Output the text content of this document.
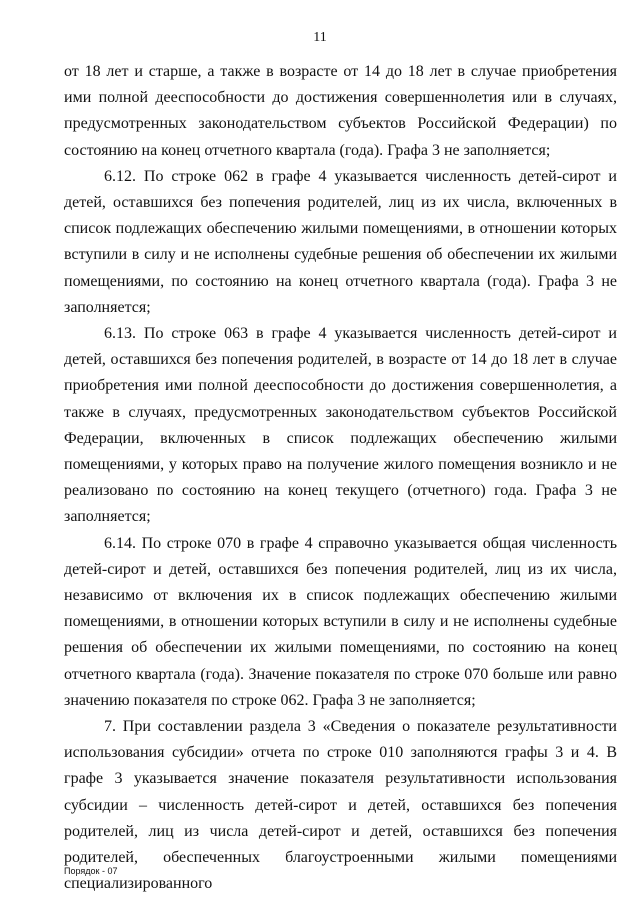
11

от 18 лет и старше, а также в возрасте от 14 до 18 лет в случае приобретения ими полной дееспособности до достижения совершеннолетия или в случаях, предусмотренных законодательством субъектов Российской Федерации) по состоянию на конец отчетного квартала (года). Графа 3 не заполняется;

6.12. По строке 062 в графе 4 указывается численность детей-сирот и детей, оставшихся без попечения родителей, лиц из их числа, включенных в список подлежащих обеспечению жилыми помещениями, в отношении которых вступили в силу и не исполнены судебные решения об обеспечении их жилыми помещениями, по состоянию на конец отчетного квартала (года). Графа 3 не заполняется;

6.13. По строке 063 в графе 4 указывается численность детей-сирот и детей, оставшихся без попечения родителей, в возрасте от 14 до 18 лет в случае приобретения ими полной дееспособности до достижения совершеннолетия, а также в случаях, предусмотренных законодательством субъектов Российской Федерации, включенных в список подлежащих обеспечению жилыми помещениями, у которых право на получение жилого помещения возникло и не реализовано по состоянию на конец текущего (отчетного) года. Графа 3 не заполняется;

6.14. По строке 070 в графе 4 справочно указывается общая численность детей-сирот и детей, оставшихся без попечения родителей, лиц из их числа, независимо от включения их в список подлежащих обеспечению жилыми помещениями, в отношении которых вступили в силу и не исполнены судебные решения об обеспечении их жилыми помещениями, по состоянию на конец отчетного квартала (года). Значение показателя по строке 070 больше или равно значению показателя по строке 062. Графа 3 не заполняется;

7. При составлении раздела 3 «Сведения о показателе результативности использования субсидии» отчета по строке 010 заполняются графы 3 и 4. В графе 3 указывается значение показателя результативности использования субсидии – численность детей-сирот и детей, оставшихся без попечения родителей, лиц из числа детей-сирот и детей, оставшихся без попечения родителей, обеспеченных благоустроенными жилыми помещениями специализированного

Порядок - 07
